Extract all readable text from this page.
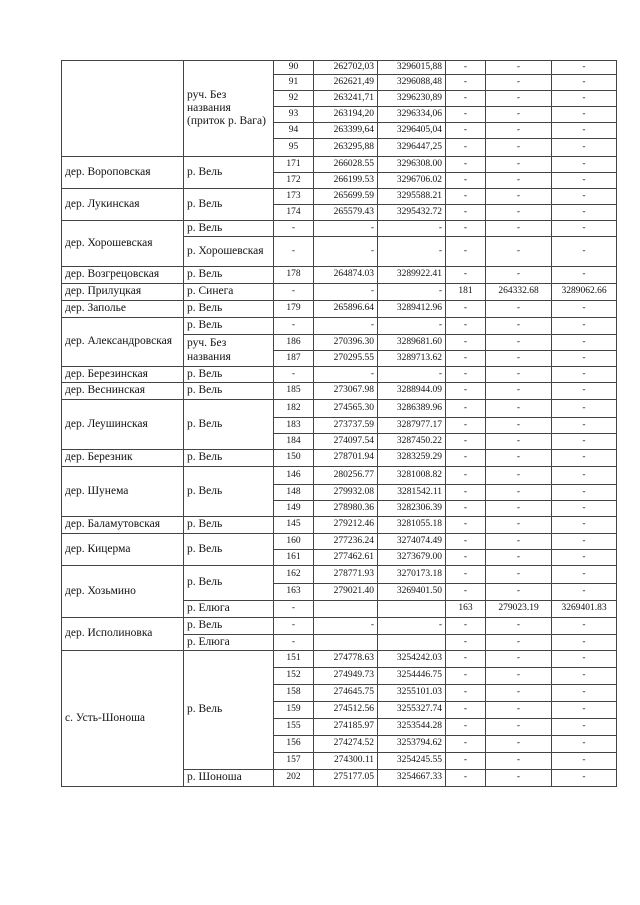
	руч. Без названия (приток р. Вага)	90	262702,03	3296015,88	-	-	-
		91	262621,49	3296088,48	-	-	-
		92	263241,71	3296230,89	-	-	-
		93	263194,20	3296334,06	-	-	-
		94	263399,64	3296405,04	-	-	-
		95	263295,88	3296447,25	-	-	-
дер. Вороповская	р. Вель	171	266028.55	3296308.00	-	-	-
		172	266199.53	3296706.02	-	-	-
дер. Лукинская	р. Вель	173	265699.59	3295588.21	-	-	-
		174	265579.43	3295432.72	-	-	-
дер. Хорошевская	р. Вель	-	-	-	-	-	-
	р. Хорошевская	-	-	-	-	-	-
дер. Возгрецовская	р. Вель	178	264874.03	3289922.41	-	-	-
дер. Прилуцкая	р. Синега	-	-	-	181	264332.68	3289062.66
дер. Заполье	р. Вель	179	265896.64	3289412.96	-	-	-
дер. Александровская	р. Вель	-	-	-	-	-	-
	руч. Без названия	186	270396.30	3289681.60	-	-	-
		187	270295.55	3289713.62	-	-	-
дер. Березинская	р. Вель	-	-	-	-	-	-
дер. Веснинская	р. Вель	185	273067.98	3288944.09	-	-	-
дер. Леушинская	р. Вель	182	274565.30	3286389.96	-	-	-
		183	273737.59	3287977.17	-	-	-
		184	274097.54	3287450.22	-	-	-
дер. Березник	р. Вель	150	278701.94	3283259.29	-	-	-
дер. Шунема	р. Вель	146	280256.77	3281008.82	-	-	-
		148	279932.08	3281542.11	-	-	-
		149	278980.36	3282306.39	-	-	-
дер. Баламутовская	р. Вель	145	279212.46	3281055.18	-	-	-
дер. Кицерма	р. Вель	160	277236.24	3274074.49	-	-	-
		161	277462.61	3273679.00	-	-	-
дер. Хозьмино	р. Вель	162	278771.93	3270173.18	-	-	-
		163	279021.40	3269401.50	-	-	-
	р. Елюга	-			163	279023.19	3269401.83
дер. Исполиновка	р. Вель	-	-	-	-	-	-
	р. Елюга	-			-	-	-
с. Усть-Шоноша	р. Вель	151	274778.63	3254242.03	-	-	-
		152	274949.73	3254446.75	-	-	-
		158	274645.75	3255101.03	-	-	-
		159	274512.56	3255327.74	-	-	-
		155	274185.97	3253544.28	-	-	-
		156	274274.52	3253794.62	-	-	-
		157	274300.11	3254245.55	-	-	-
	р. Шоноша	202	275177.05	3254667.33	-	-	-
